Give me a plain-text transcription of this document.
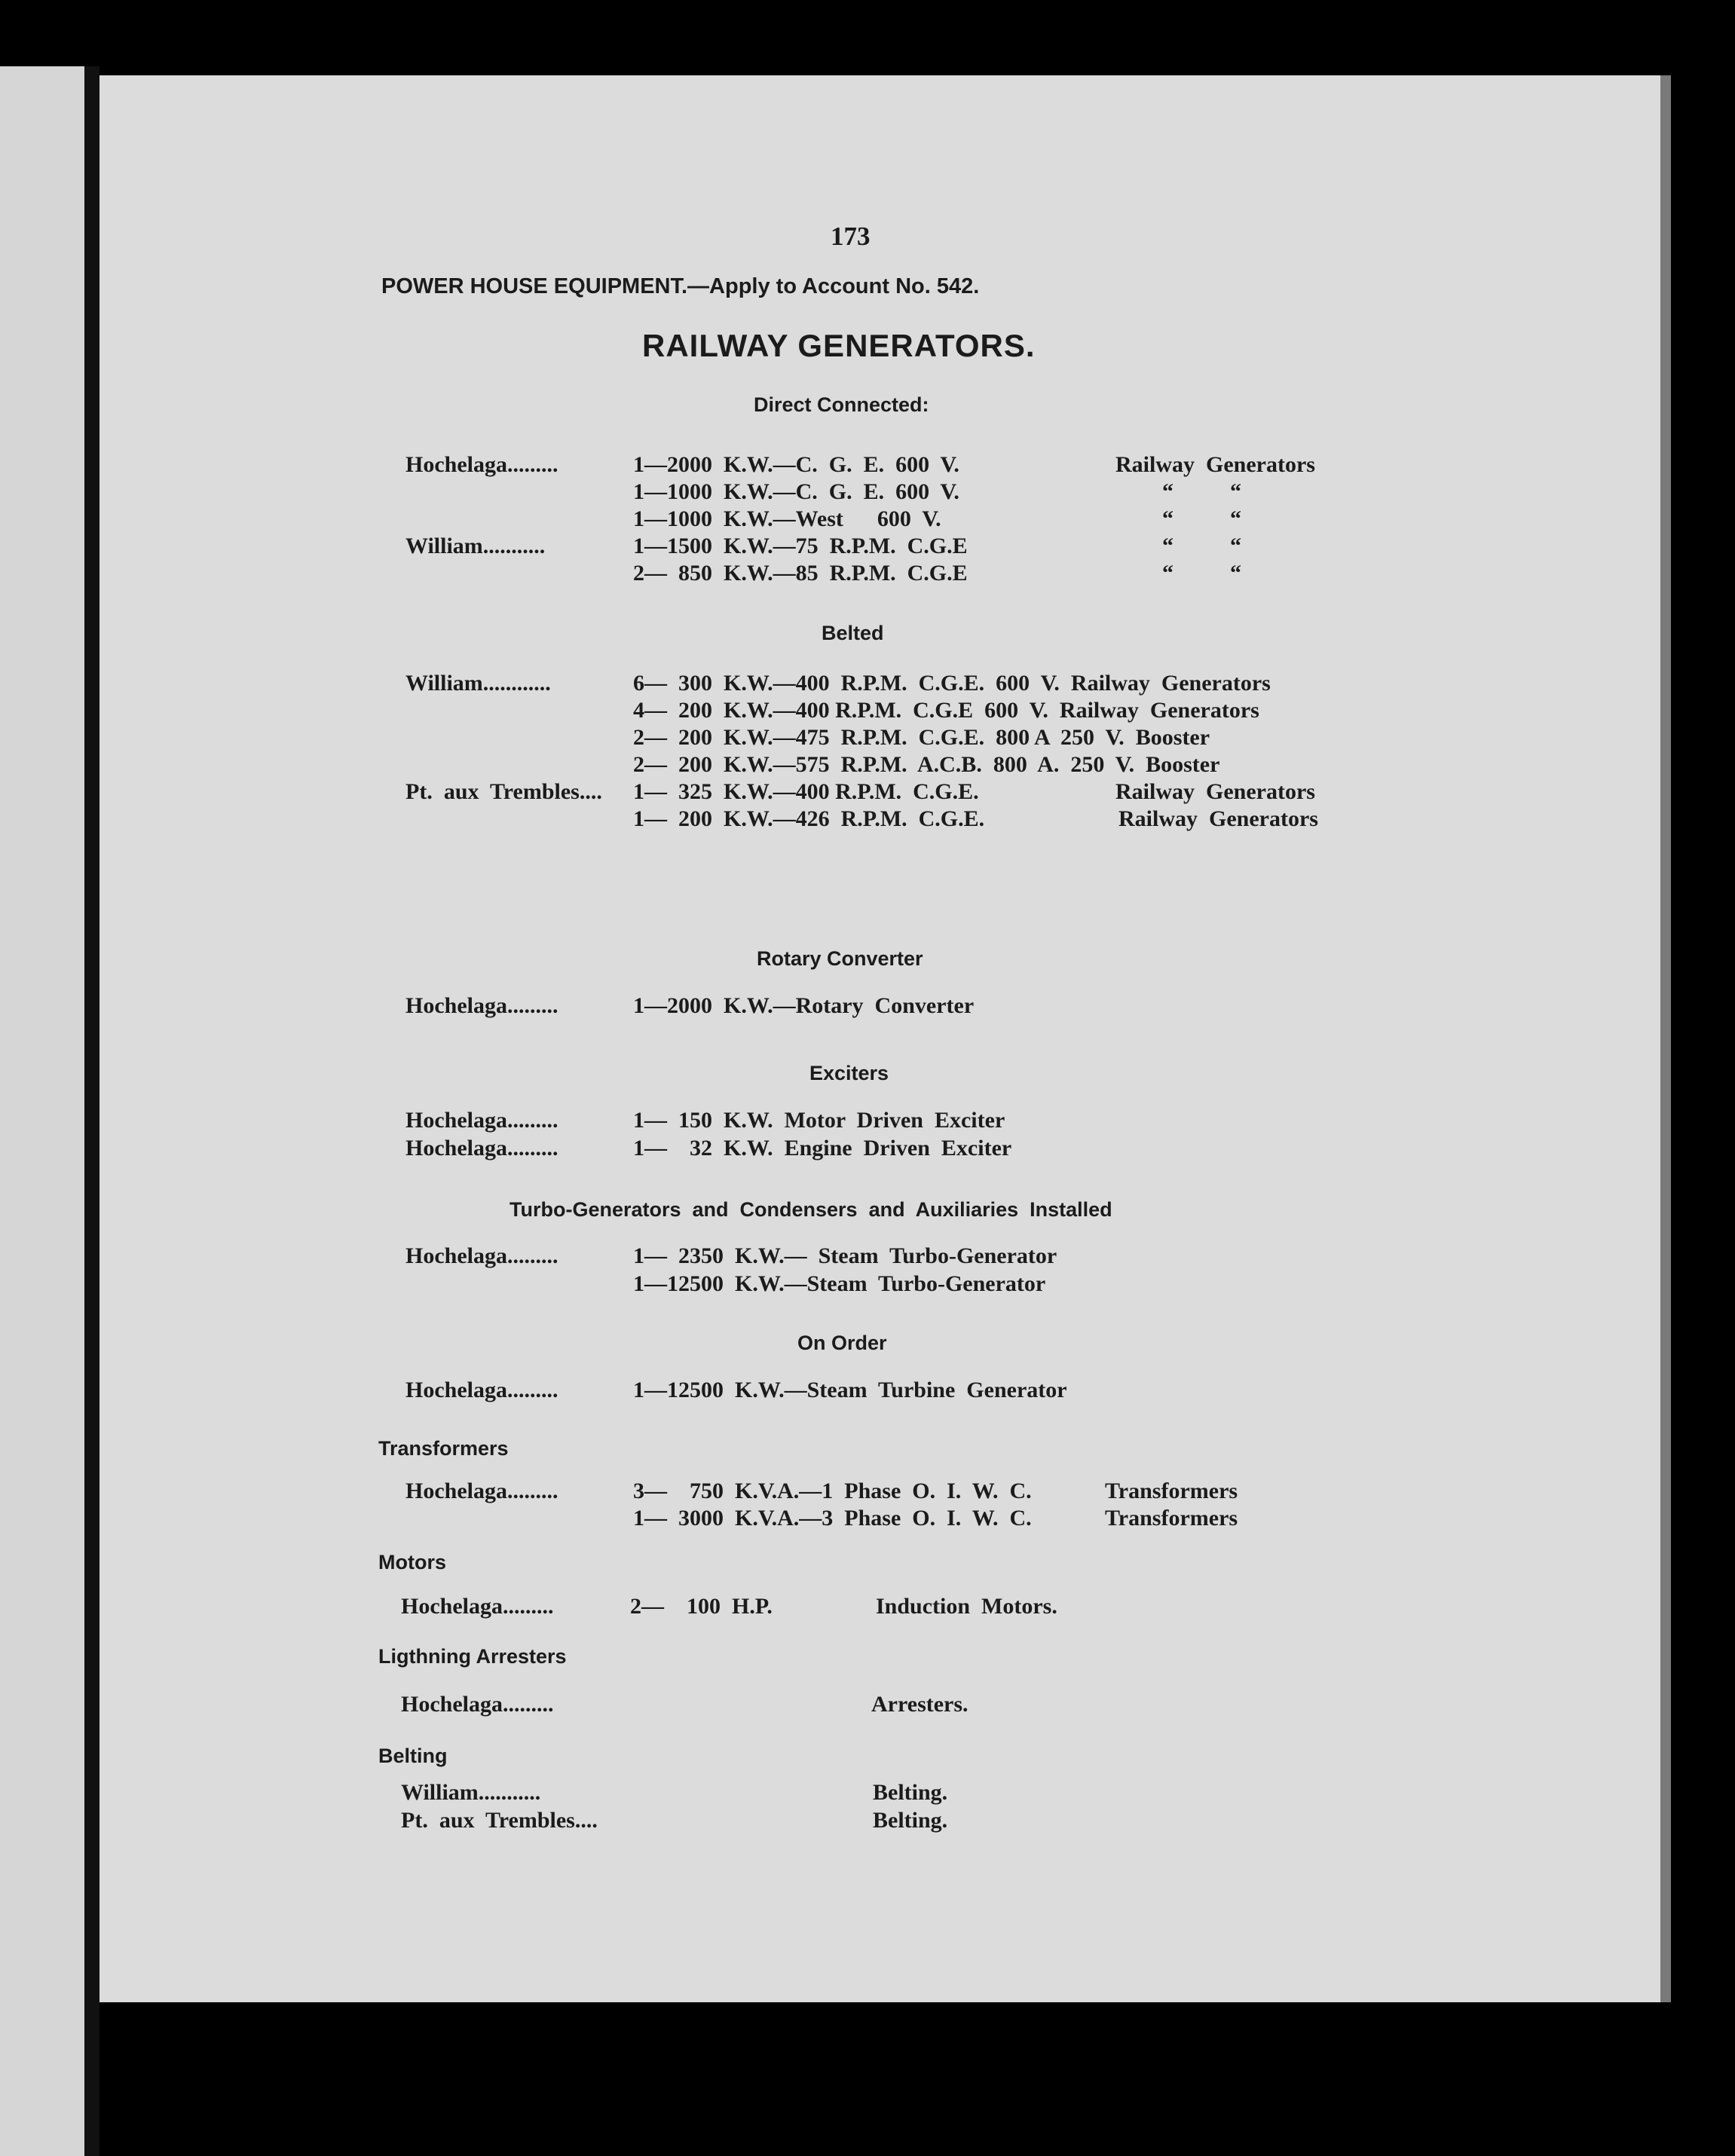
173
POWER HOUSE EQUIPMENT.—Apply to Account No. 542.
RAILWAY GENERATORS.
Direct Connected:
Hochelaga.........	1—2000  K.W.—C.  G.  E.  600  V.	Railway  Generators
1—1000  K.W.—C.  G.  E.  600  V.	“          “
1—1000  K.W.—West      600  V.	“          “
William...........	1—1500  K.W.—75  R.P.M.  C.G.E	“          “
2—  850  K.W.—85  R.P.M.  C.G.E	“          “
Belted
William............	6—  300  K.W.—400  R.P.M.  C.G.E.  600  V.  Railway  Generators
4—  200  K.W.—400 R.P.M.  C.G.E  600  V.  Railway  Generators
2—  200  K.W.—475  R.P.M.  C.G.E.  800 A  250  V.  Booster
2—  200  K.W.—575  R.P.M.  A.C.B.  800  A.  250  V.  Booster
Pt.  aux  Trembles.... 1—  325  K.W.—400 R.P.M.  C.G.E.	Railway  Generators
1—  200  K.W.—426  R.P.M.  C.G.E.	Railway  Generators
Rotary Converter
Hochelaga.........	1—2000  K.W.—Rotary  Converter
Exciters
Hochelaga.........	1—  150  K.W.  Motor  Driven  Exciter
Hochelaga.........	1—    32  K.W.  Engine  Driven  Exciter
Turbo-Generators  and  Condensers  and  Auxiliaries  Installed
Hochelaga.........	1—  2350  K.W.—  Steam  Turbo-Generator
1—12500  K.W.—Steam  Turbo-Generator
On Order
Hochelaga.........	1—12500  K.W.—Steam  Turbine  Generator
Transformers
Hochelaga.........	3—    750  K.V.A.—1  Phase  O.  I.  W.  C.	Transformers
1—  3000  K.V.A.—3  Phase  O.  I.  W.  C.	Transformers
Motors
Hochelaga.........	2—    100  H.P.	Induction  Motors.
Ligthning Arresters
Hochelaga.........	Arresters.
Belting
William...........	Belting.
Pt.  aux  Trembles....	Belting.
